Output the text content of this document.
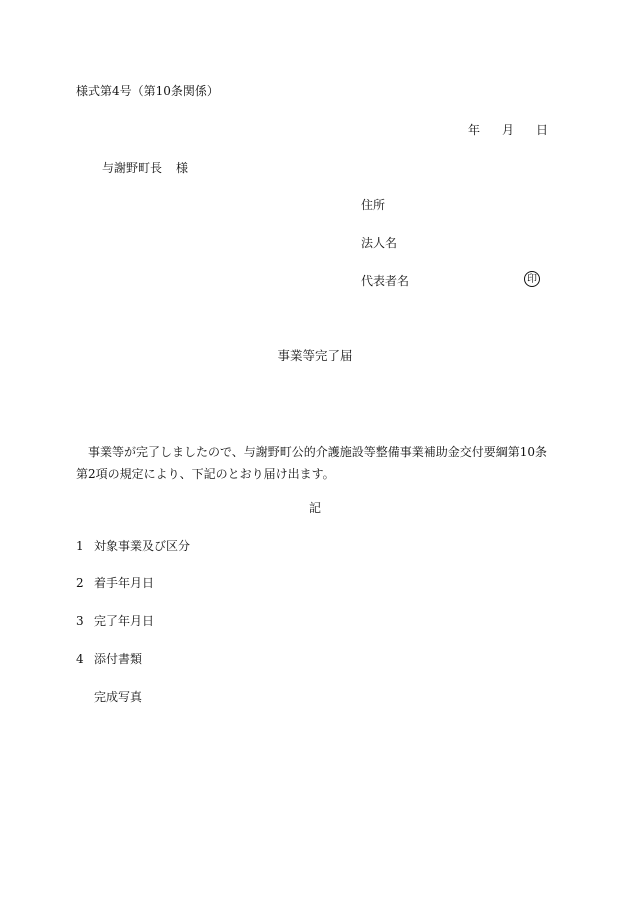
様式第4号（第10条関係）
年 月 日
与謝野町長 様
住所
法人名
代表者名	印
事業等完了届
事業等が完了しましたので、与謝野町公的介護施設等整備事業補助金交付要綱第10条第2項の規定により、下記のとおり届け出ます。
記
1 対象事業及び区分
2 着手年月日
3 完了年月日
4 添付書類
完成写真
